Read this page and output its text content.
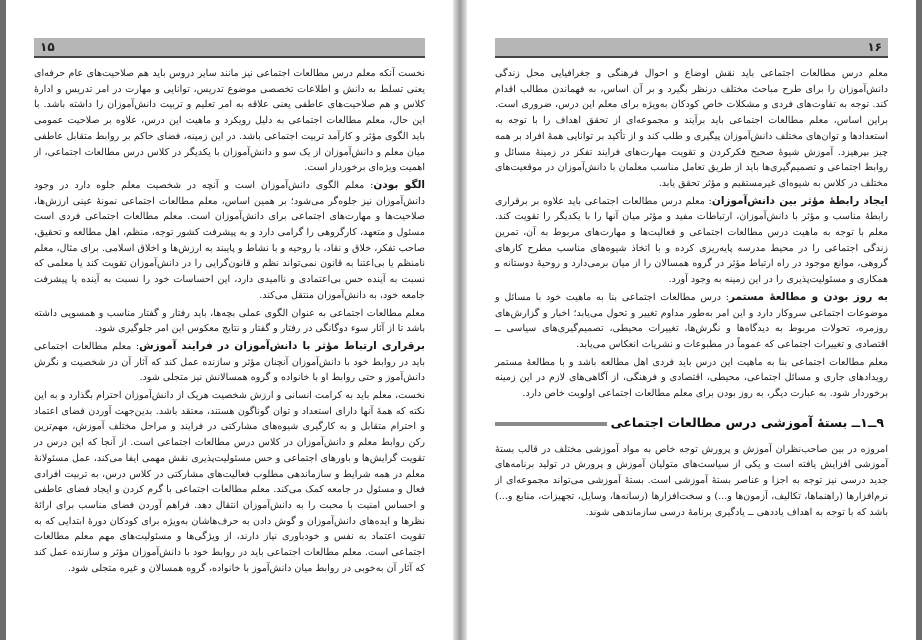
۱۵

نخست آنکه معلم درس مطالعات اجتماعی نیز مانند سایر دروس باید هم صلاحیت‌های عام حرفه‌ای یعنی تسلط به دانش و اطلاعات تخصصی موضوع تدریس، توانایی و مهارت در امر تدریس و ادارهٔ کلاس و هم صلاحیت‌های عاطفی یعنی علاقه به امر تعلیم و تربیت دانش‌آموزان را داشته باشد. با این حال، معلم مطالعات اجتماعی به دلیل رویکرد و ماهیت این درس، علاوه بر صلاحیت عمومی باید الگوی مؤثر و کارآمد تربیت اجتماعی باشد. در این زمینه، فضای حاکم بر روابط متقابل عاطفی میان معلم و دانش‌آموزان از یک سو و دانش‌آموزان با یکدیگر در کلاس درس مطالعات اجتماعی، از اهمیت ویژه‌ای برخوردار است.

الگو بودن: معلم الگوی دانش‌آموزان است و آنچه در شخصیت معلم جلوه دارد در وجود دانش‌آموزان نیز جلوه‌گر می‌شود؛ بر همین اساس، معلم مطالعات اجتماعی نمونهٔ عینی ارزش‌ها، صلاحیت‌ها و مهارت‌های اجتماعی برای دانش‌آموزان است. معلم مطالعات اجتماعی فردی است مسئول و متعهد، کارگروهی را گرامی دارد و به پیشرفت کشور توجه، منظم، اهل مطالعه و تحقیق، صاحب تفکر، خلاق و نقاد، با روحیه و با نشاط و پایبند به ارزش‌ها و اخلاق اسلامی. برای مثال، معلم نامنظم یا بی‌اعتنا به قانون نمی‌تواند نظم و قانون‌گرایی را در دانش‌آموزان تقویت کند یا معلمی که نسبت به آینده حس بی‌اعتمادی و ناامیدی دارد، این احساسات خود را نسبت به آینده یا پیشرفت جامعه خود، به دانش‌آموزان منتقل می‌کند.

معلم مطالعات اجتماعی به عنوان الگوی عملی بچه‌ها، باید رفتار و گفتار مناسب و همسویی داشته باشد تا از آثار سوء دوگانگی در رفتار و گفتار و نتایج معکوس این امر جلوگیری شود.

برقراری ارتباط مؤثر با دانش‌آموزان در فرایند آموزش: معلم مطالعات اجتماعی باید در روابط خود با دانش‌آموزان آنچنان مؤثر و سازنده عمل کند که آثار آن در شخصیت و نگرش دانش‌آموز و حتی روابط او با خانواده و گروه همسالانش نیز متجلی شود.

نخست، معلم باید به کرامت انسانی و ارزش شخصیت هریک از دانش‌آموزان احترام بگذارد و به این نکته که همهٔ آنها دارای استعداد و توان گوناگون هستند، معتقد باشد. بدین‌جهت آوردن فضای اعتماد و احترام متقابل و به کارگیری شیوه‌های مشارکتی در فرایند و مراحل مختلف آموزش، مهم‌ترین رکن روابط معلم و دانش‌آموزان در کلاس درس مطالعات اجتماعی است. از آنجا که این درس در تقویت گرایش‌ها و باورهای اجتماعی و حس مسئولیت‌پذیری نقش مهمی ایفا می‌کند، عمل مسئولانهٔ معلم در همه شرایط و سازماندهی مطلوب فعالیت‌های مشارکتی در کلاس درس، به تربیت افرادی فعال و مسئول در جامعه کمک می‌کند. معلم مطالعات اجتماعی با گرم کردن و ایجاد فضای عاطفی و احساس امنیت با محبت را به دانش‌آموزان انتقال دهد. فراهم آوردن فضای مناسب برای ارائهٔ نظرها و ایده‌های دانش‌آموزان و گوش دادن به حرف‌هاشان به‌ویژه برای کودکان دورهٔ ابتدایی که به تقویت اعتماد به نفس و خودباوری نیاز دارند، از ویژگی‌ها و مسئولیت‌های مهم معلم مطالعات اجتماعی است. معلم مطالعات اجتماعی باید در روابط خود با دانش‌آموزان مؤثر و سازنده عمل کند که آثار آن به‌خوبی در روابط میان دانش‌آموز با خانواده، گروه همسالان و غیره متجلی شود.

۱۶

معلم درس مطالعات اجتماعی باید نقش اوضاع و احوال فرهنگی و جغرافیایی محل زندگی دانش‌آموزان را برای طرح مباحث مختلف درنظر بگیرد و بر آن اساس، به فهماندن مطالب اقدام کند. توجه به تفاوت‌های فردی و مشکلات خاص کودکان به‌ویژه برای معلم این درس، ضروری است. براین اساس، معلم مطالعات اجتماعی باید برآیند و مجموعه‌ای از تحقق اهداف را با توجه به استعدادها و توان‌های مختلف دانش‌آموزان پیگیری و طلب کند و از تأکید بر توانایی همهٔ افراد بر همه چیز بپرهیزد. آموزش شیوهٔ صحیح فکرکردن و تقویت مهارت‌های فرایند تفکر در زمینهٔ مسائل و روابط اجتماعی و تصمیم‌گیری‌ها باید از طریق تعامل مناسب معلمان با دانش‌آموزان در موقعیت‌های مختلف در کلاس به شیوه‌ای غیرمستقیم و مؤثر تحقق یابد.

ایجاد رابطهٔ مؤثر بین دانش‌آموزان: معلم درس مطالعات اجتماعی باید علاوه بر برقراری رابطهٔ مناسب و مؤثر با دانش‌آموزان، ارتباطات مفید و مؤثر میان آنها را با یکدیگر را تقویت کند. معلم با توجه به ماهیت درس مطالعات اجتماعی و فعالیت‌ها و مهارت‌های مربوط به آن، تمرین زندگی اجتماعی را در محیط مدرسه پایه‌ریزی کرده و با اتخاذ شیوه‌های مناسب مطرح کارهای گروهی، موانع موجود در راه ارتباط مؤثر در گروه همسالان را از میان برمی‌دارد و روحیهٔ دوستانه و همکاری و مسئولیت‌پذیری را در این زمینه به وجود آورد.

به روز بودن و مطالعهٔ مستمر: درس مطالعات اجتماعی بنا به ماهیت خود با مسائل و موضوعات اجتماعی سروکار دارد و این امر به‌طور مداوم تغییر و تحول می‌یابد؛ اخبار و گزارش‌های روزمره، تحولات مربوط به دیدگاه‌ها و نگرش‌ها، تغییرات محیطی، تصمیم‌گیری‌های سیاسی ــ اقتصادی و تغییرات اجتماعی که عموماً در مطبوعات و نشریات انعکاس می‌یابد.

معلم مطالعات اجتماعی بنا به ماهیت این درس باید فردی اهل مطالعه باشد و با مطالعهٔ مستمر رویدادهای جاری و مسائل اجتماعی، محیطی، اقتصادی و فرهنگی، از آگاهی‌های لازم در این زمینه برخوردار شود. به عبارت دیگر، به روز بودن برای معلم مطالعات اجتماعی اولویت خاص دارد.

۹ــ۱ــ بستهٔ آموزشی درس مطالعات اجتماعی

امروزه در بین صاحب‌نظران آموزش و پرورش توجه خاص به مواد آموزشی مختلف در قالب بستهٔ آموزشی افزایش یافته است و یکی از سیاست‌های متولیان آموزش و پرورش در تولید برنامه‌های جدید درسی نیز توجه به اجزا و عناصر بستهٔ آموزشی است. بستهٔ آموزشی می‌تواند مجموعه‌ای از نرم‌افزارها (راهنماها، تکالیف، آزمون‌ها و...) و سخت‌افزارها (رسانه‌ها، وسایل، تجهیزات، منابع و...) باشد که با توجه به اهداف یاددهی ــ یادگیری برنامهٔ درسی سازماندهی شوند.
